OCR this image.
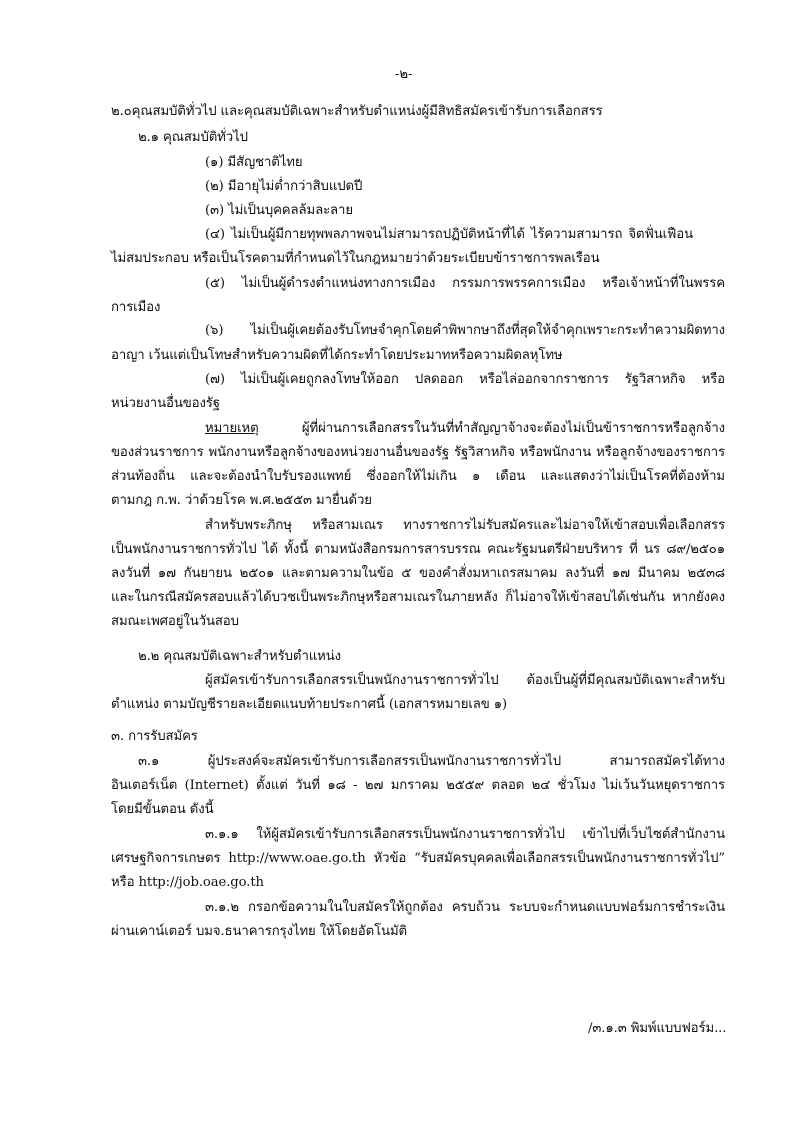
-๒-
๒.๐คุณสมบัติทั่วไป และคุณสมบัติเฉพาะสำหรับตำแหน่งผู้มีสิทธิสมัครเข้ารับการเลือกสรร
๒.๑ คุณสมบัติทั่วไป
(๑) มีสัญชาติไทย
(๒) มีอายุไม่ต่ำกว่าสิบแปดปี
(๓) ไม่เป็นบุคคลล้มละลาย
(๔) ไม่เป็นผู้มีกายทุพพลภาพจนไม่สามารถปฏิบัติหน้าที่ได้ ไร้ความสามารถ จิตฟั่นเฟือน
ไม่สมประกอบ หรือเป็นโรคตามที่กำหนดไว้ในกฎหมายว่าด้วยระเบียบข้าราชการพลเรือน
(๕) ไม่เป็นผู้ดำรงตำแหน่งทางการเมือง กรรมการพรรคการเมือง หรือเจ้าหน้าที่ในพรรค
การเมือง
(๖) ไม่เป็นผู้เคยต้องรับโทษจำคุกโดยคำพิพากษาถึงที่สุดให้จำคุกเพราะกระทำความผิดทาง
อาญา เว้นแต่เป็นโทษสำหรับความผิดที่ได้กระทำโดยประมาทหรือความผิดลหุโทษ
(๗) ไม่เป็นผู้เคยถูกลงโทษให้ออก ปลดออก หรือไล่ออกจากราชการ รัฐวิสาหกิจ หรือ
หน่วยงานอื่นของรัฐ
หมายเหตุ ผู้ที่ผ่านการเลือกสรรในวันที่ทำสัญญาจ้างจะต้องไม่เป็นข้าราชการหรือลูกจ้าง
ของส่วนราชการ พนักงานหรือลูกจ้างของหน่วยงานอื่นของรัฐ รัฐวิสาหกิจ หรือพนักงาน หรือลูกจ้างของราชการ
ส่วนท้องถิ่น และจะต้องนำใบรับรองแพทย์ ซึ่งออกให้ไม่เกิน ๑ เดือน และแสดงว่าไม่เป็นโรคที่ต้องห้าม
ตามกฎ ก.พ. ว่าด้วยโรค พ.ศ.๒๕๕๓ มายื่นด้วย
สำหรับพระภิกษุ หรือสามเณร ทางราชการไม่รับสมัครและไม่อาจให้เข้าสอบเพื่อเลือกสรร
เป็นพนักงานราชการทั่วไป ได้ ทั้งนี้ ตามหนังสือกรมการสารบรรณ คณะรัฐมนตรีฝ่ายบริหาร ที่ นร ๘๙/๒๕๐๑
ลงวันที่ ๑๗ กันยายน ๒๕๐๑ และตามความในข้อ ๕ ของคำสั่งมหาเถรสมาคม ลงวันที่ ๑๗ มีนาคม ๒๕๓๘
และในกรณีสมัครสอบแล้วได้บวชเป็นพระภิกษุหรือสามเณรในภายหลัง ก็ไม่อาจให้เข้าสอบได้เช่นกัน หากยังคง
สมณะเพศอยู่ในวันสอบ
๒.๒ คุณสมบัติเฉพาะสำหรับตำแหน่ง
ผู้สมัครเข้ารับการเลือกสรรเป็นพนักงานราชการทั่วไป ต้องเป็นผู้ที่มีคุณสมบัติเฉพาะสำหรับ
ตำแหน่ง ตามบัญชีรายละเอียดแนบท้ายประกาศนี้ (เอกสารหมายเลข ๑)
๓. การรับสมัคร
๓.๑ ผู้ประสงค์จะสมัครเข้ารับการเลือกสรรเป็นพนักงานราชการทั่วไป สามารถสมัครได้ทาง
อินเตอร์เน็ต (Internet) ตั้งแต่ วันที่ ๑๘ - ๒๗ มกราคม ๒๕๕๙ ตลอด ๒๔ ชั่วโมง ไม่เว้นวันหยุดราชการ
โดยมีขั้นตอน ดังนี้
๓.๑.๑ ให้ผู้สมัครเข้ารับการเลือกสรรเป็นพนักงานราชการทั่วไป เข้าไปที่เว็บไซต์สำนักงาน
เศรษฐกิจการเกษตร http://www.oae.go.th หัวข้อ “รับสมัครบุคคลเพื่อเลือกสรรเป็นพนักงานราชการทั่วไป”
หรือ http://job.oae.go.th
๓.๑.๒ กรอกข้อความในใบสมัครให้ถูกต้อง ครบถ้วน ระบบจะกำหนดแบบฟอร์มการชำระเงิน
ผ่านเคาน์เตอร์ บมจ.ธนาคารกรุงไทย ให้โดยอัตโนมัติ
/๓.๑.๓ พิมพ์แบบฟอร์ม...
